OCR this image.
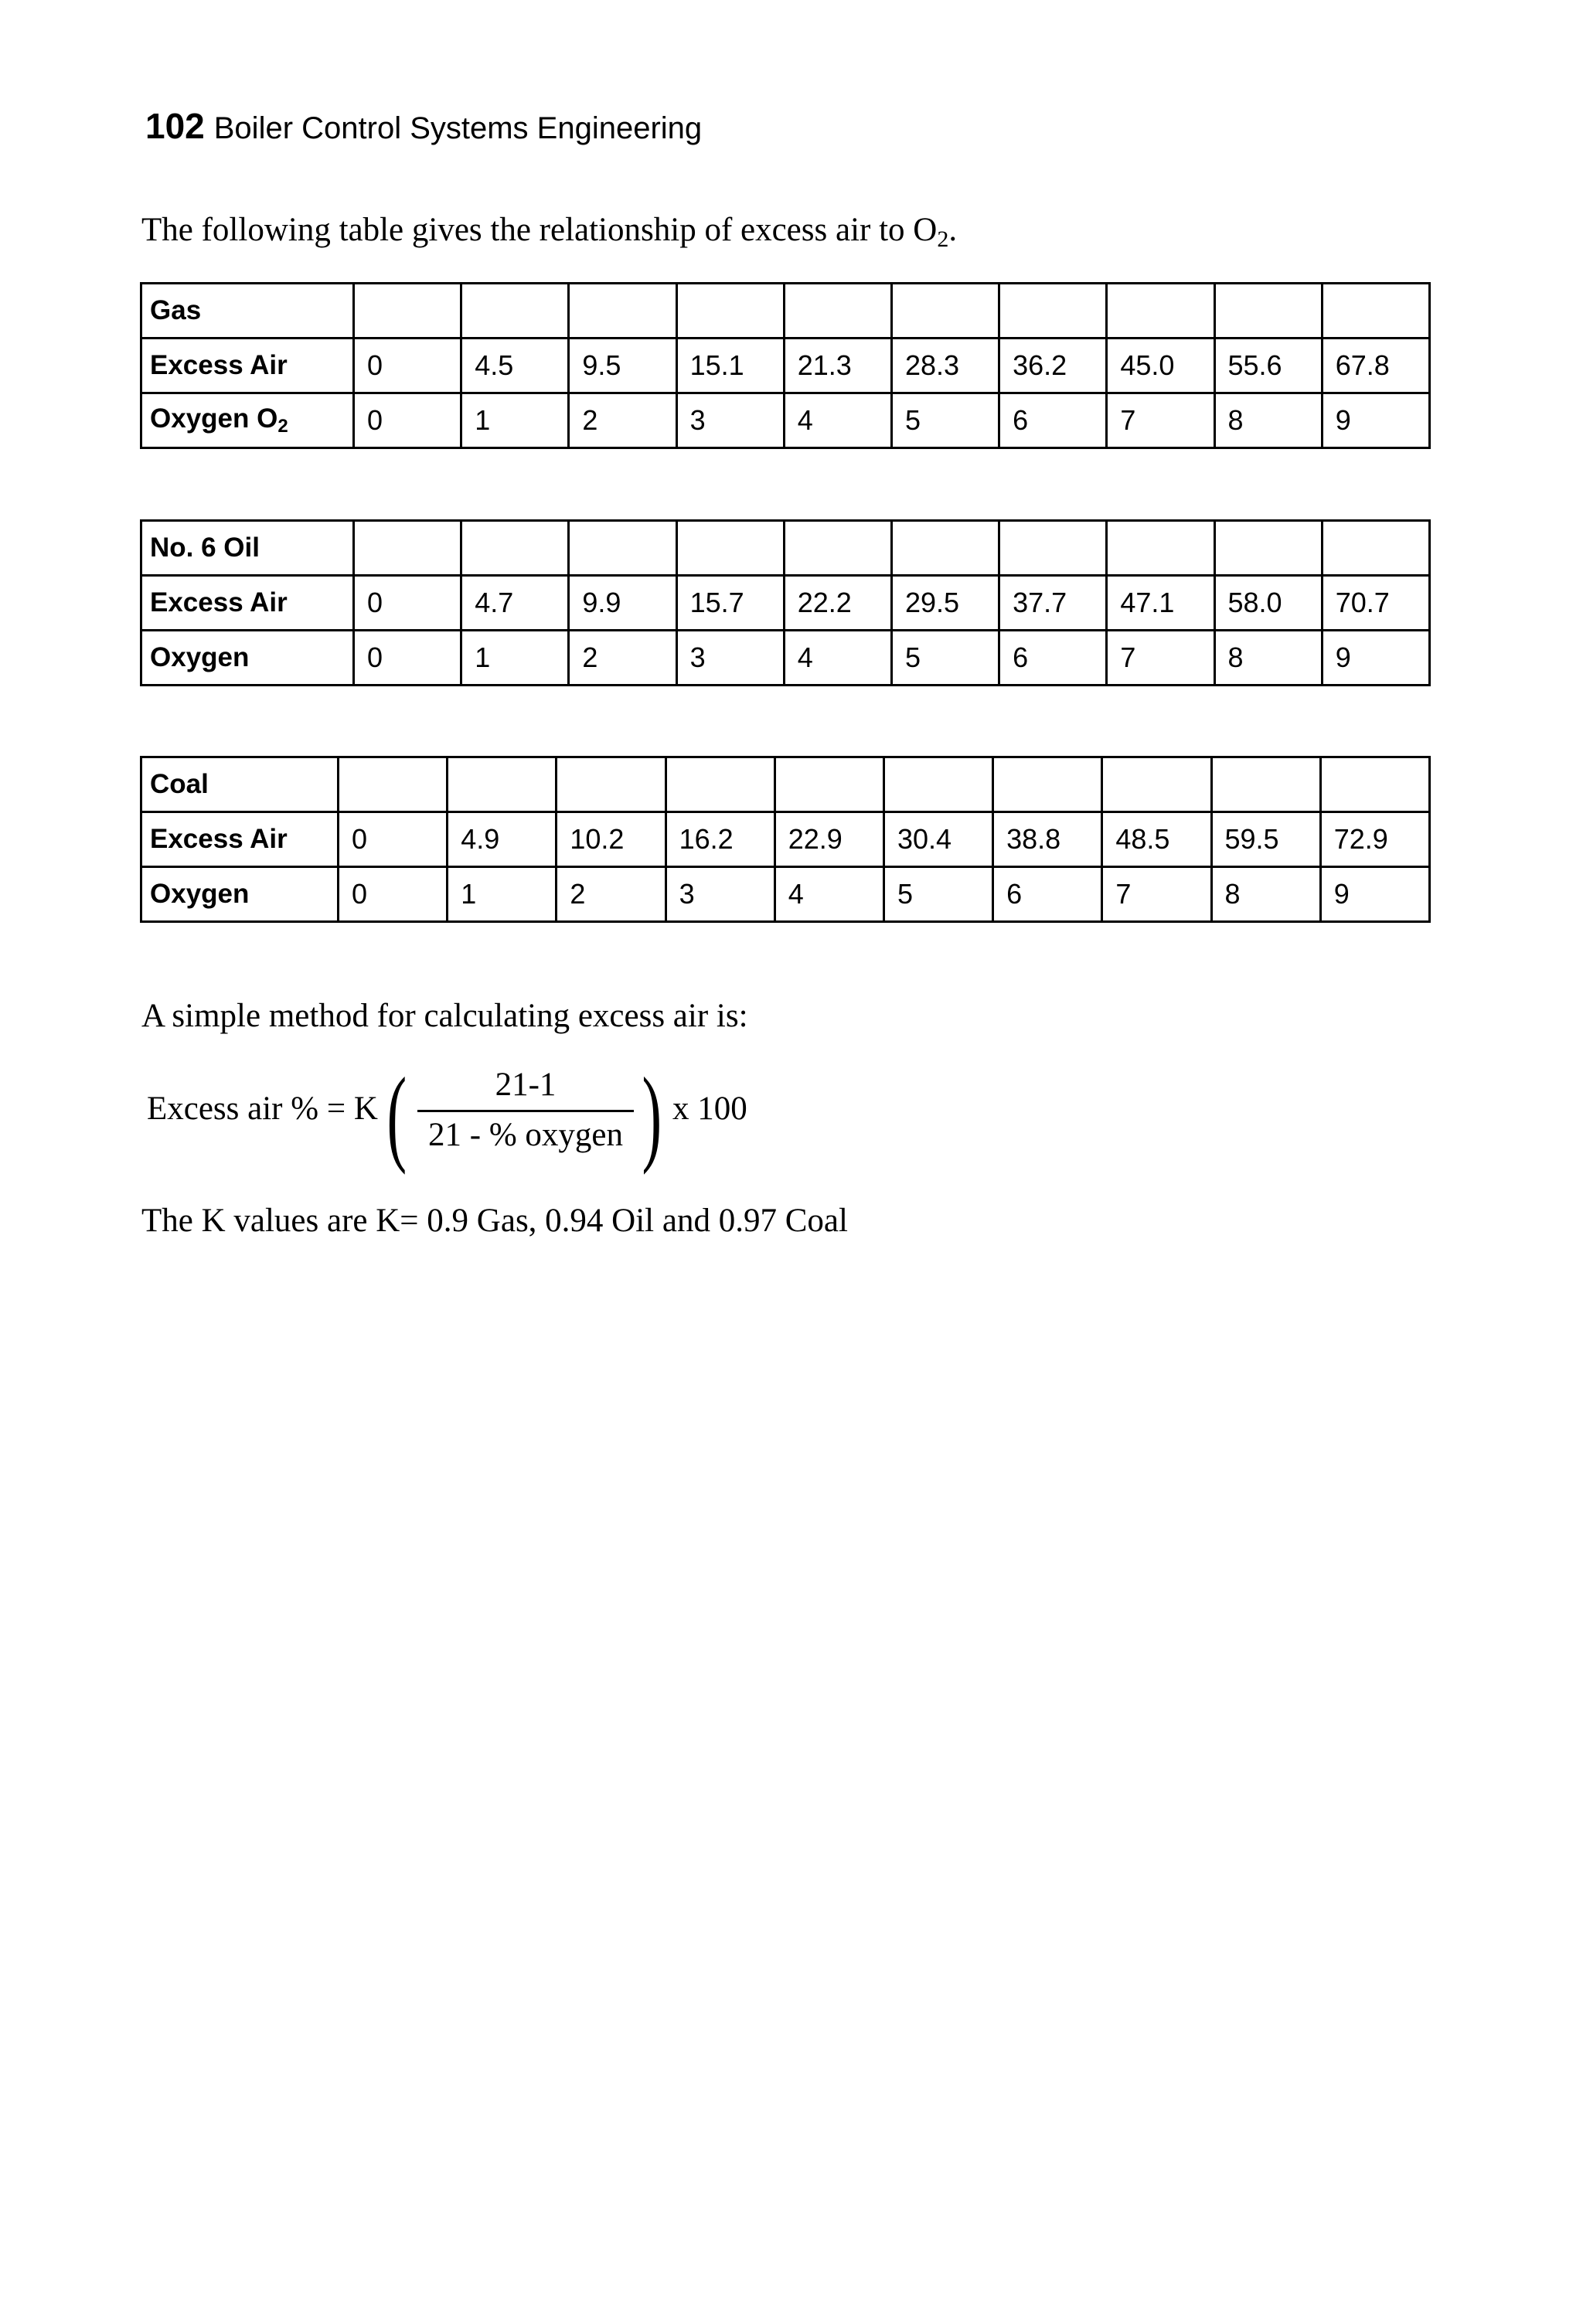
102 Boiler Control Systems Engineering
The following table gives the relationship of excess air to $O_2$.
Gas										
Excess Air	0	4.5	9.5	15.1	21.3	28.3	36.2	45.0	55.6	67.8
Oxygen $O_2$	0	1	2	3	4	5	6	7	8	9
No. 6 Oil										
Excess Air	0	4.7	9.9	15.7	22.2	29.5	37.7	47.1	58.0	70.7
Oxygen	0	1	2	3	4	5	6	7	8	9
Coal										
Excess Air	0	4.9	10.2	16.2	22.9	30.4	38.8	48.5	59.5	72.9
Oxygen	0	1	2	3	4	5	6	7	8	9
A simple method for calculating excess air is:
Excess air % = K (	21-1
21 - % oxygen ) x 100
The K values are K= 0.9 Gas, 0.94 Oil and 0.97 Coal
